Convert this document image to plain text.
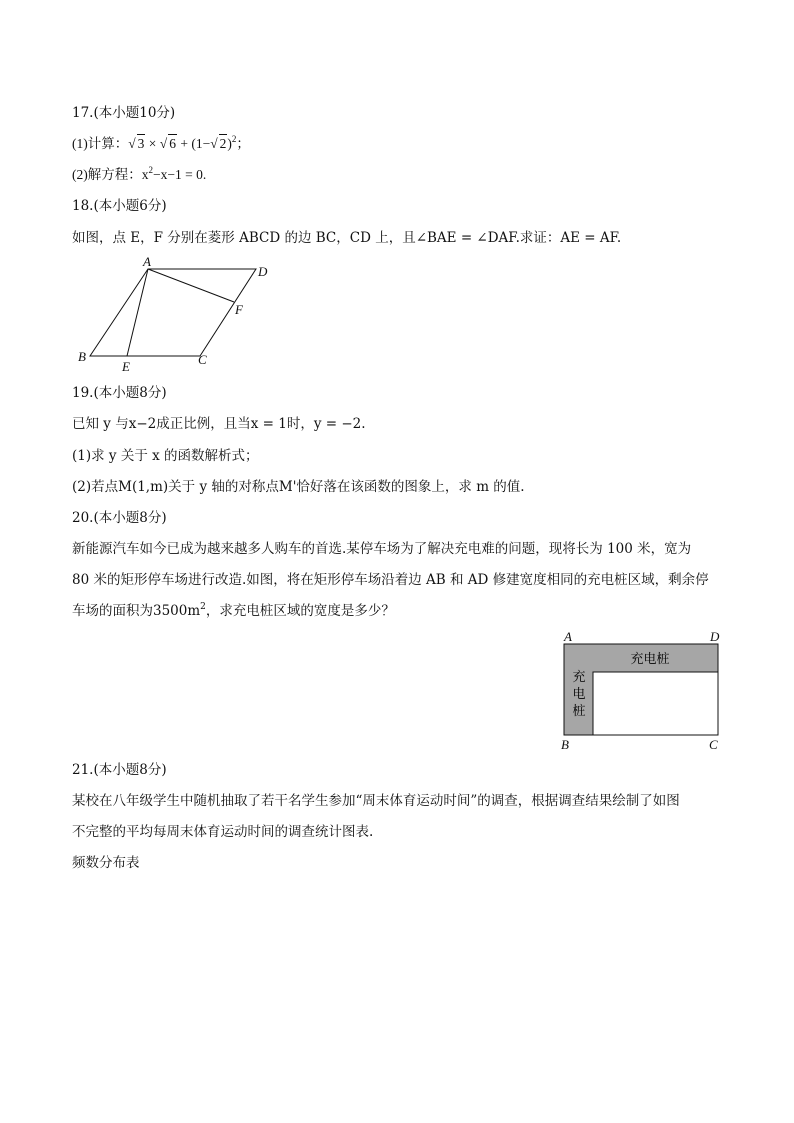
17.(本小题10分)
(1)计算：√ 3 × √ 6 + (1−√ 2)$^2$；
(2)解方程：$x^2-x-1 = 0$.
18.(本小题6分)
如图，点 E，F 分别在菱形 ABCD 的边 BC，CD 上，且∠BAE = ∠DAF.求证：AE = AF.
A
D
F
B	C
E
19.(本小题8分)
已知 y 与x−2成正比例，且当x = 1时，y = −2.
(1)求 y 关于 x 的函数解析式；
(2)若点M(1,m)关于 y 轴的对称点M'恰好落在该函数的图象上，求 m 的值.
20.(本小题8分)
新能源汽车如今已成为越来越多人购车的首选.某停车场为了解决充电难的问题，现将长为 100 米，宽为
80 米的矩形停车场进行改造.如图，将在矩形停车场沿着边 AB 和 AD 修建宽度相同的充电桩区域，剩余停
车场的面积为$3500m^2$，求充电桩区域的宽度是多少？
充电桩
充
电
桩
A	D
B	C
21.(本小题8分)
某校在八年级学生中随机抽取了若干名学生参加“周末体育运动时间”的调查，根据调查结果绘制了如图
不完整的平均每周末体育运动时间的调查统计图表.
频数分布表
